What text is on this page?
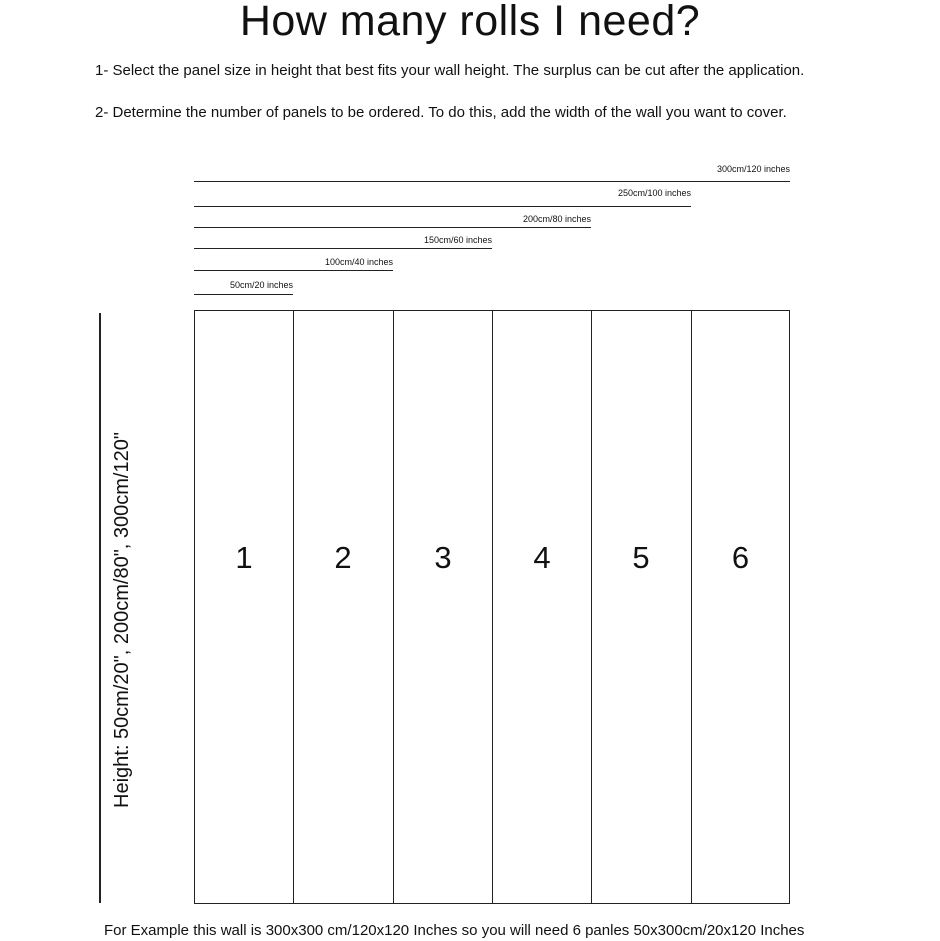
How many rolls I need?
1- Select the panel size in height that best fits your wall height. The surplus can be cut after the application.
2- Determine the number of panels to be ordered. To do this, add the width of the wall you want to cover.
300cm/120 inches
250cm/100 inches
200cm/80 inches
150cm/60 inches
100cm/40 inches
50cm/20 inches
Height: 50cm/20", 200cm/80", 300cm/120"	1	2	3	4	5	6
For Example this wall is 300x300 cm/120x120 Inches so you will need 6 panles 50x300cm/20x120 Inches
